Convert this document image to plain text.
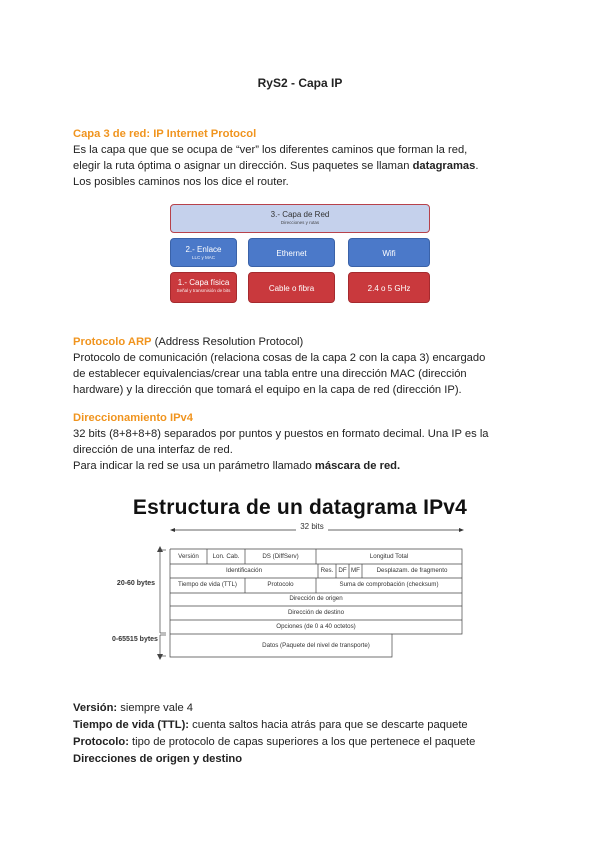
RyS2 - Capa IP
Capa 3 de red: IP Internet Protocol
Es la capa que que se ocupa de “ver” los diferentes caminos que forman la red,
elegir la ruta óptima o asignar un dirección. Sus paquetes se llaman datagramas.
Los posibles caminos nos los dice el router.
3.- Capa de Red
Direcciones y rutas
2.- Enlace
LLC y MAC	Ethernet	Wifi
1.- Capa física
Señal y transmisión de bits	Cable o fibra	2.4 o 5 GHz
Protocolo ARP (Address Resolution Protocol)
Protocolo de comunicación (relaciona cosas de la capa 2 con la capa 3) encargado
de establecer equivalencias/crear una tabla entre una dirección MAC (dirección
hardware) y la dirección que tomará el equipo en la capa de red (dirección IP).
Direccionamiento IPv4
32 bits (8+8+8+8) separados por puntos y puestos en formato decimal. Una IP es la
dirección de una interfaz de red.
Para indicar la red se usa un parámetro llamado máscara de red.
Estructura de un datagrama IPv4
32 bits
20-60 bytes
0-65515 bytes
Versión	Lon. Cab.	DS (DiffServ)	Longitud Total
Identificación	Res. DF MF	Desplazam. de fragmento
Tiempo de vida (TTL)	Protocolo	Suma de comprobación (checksum)
Dirección de origen
Dirección de destino
Opciones (de 0 a 40 octetos)
Datos (Paquete del nivel de transporte)
Versión: siempre vale 4
Tiempo de vida (TTL): cuenta saltos hacia atrás para que se descarte paquete
Protocolo: tipo de protocolo de capas superiores a los que pertenece el paquete
Direcciones de origen y destino
